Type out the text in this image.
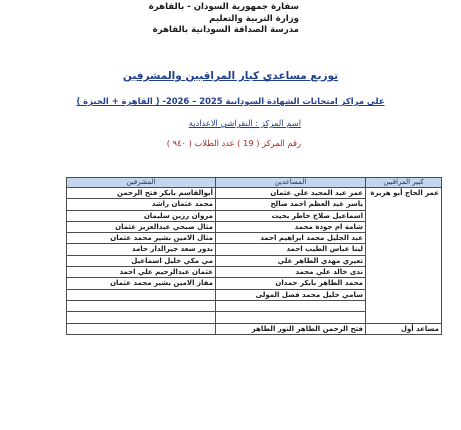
سفارة جمهورية السودان - بالقاهرة
وزارة التربية والتعليم
مدرسة الصداقة السودانية بالقاهرة
توزيع مساعدي كبار المراقبين والمشرفين
على مراكز امتحانات الشهادة السودانية 2025 – 2026- ( القاهرة + الجيزة )
اسم المركز : النقراشي الاعدادية
رقم المركز ( 19 ) عدد الطلاب ( ٩٤٠ )
كبير المراقبين	المساعدين	المشرفين
عمر الحاج أبو هريرة	عمر عبد المجيد علي عثمان	أبوالقاسم بابكر فتح الرحمن
	ياسر عبد العظم احمد صالح	محمد عثمان راشد
	اسماعيل صلاح خاطر بخيت	مروان رزين سليمان
	شامة ام جودة محمد	مثال صبحي عبدالعزيز عثمان
	عبد الجليل محمد ابراهيم احمد	مثال الامين بشير محمد عثمان
	لينا عباس الطيب احمد	بدور سعد جيرالدار حامد
	تعيري مهدي الطاهر علي	مي مكي خليل اسماعيل
	ندى خالد علي محمد	عثمان عبدالرحيم علي احمد
	محمد الطاهر بابكر حمدان	مفاز الامين بشير محمد عثمان
	سامي خليل محمد فضل المولى	

مساعد أول	فتح الرحمن الطاهر النور الطاهر	
